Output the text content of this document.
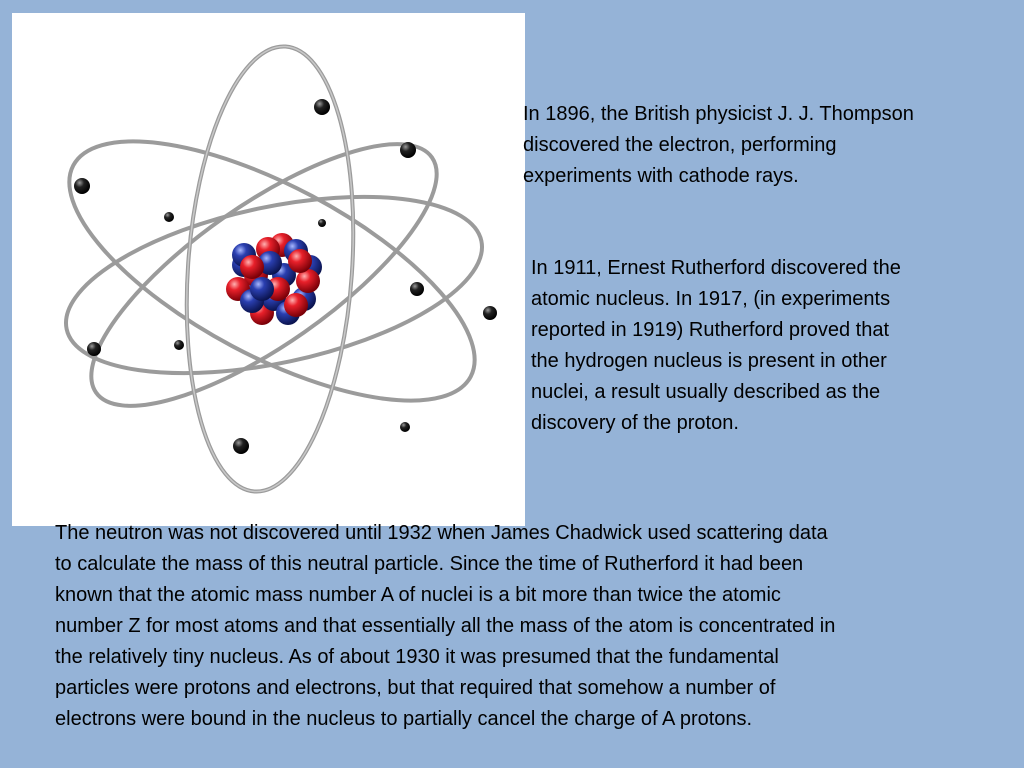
In 1896, the British physicist J. J. Thompson
discovered the electron, performing
experiments with cathode rays.

In 1911, Ernest Rutherford discovered the
atomic nucleus. In 1917, (in experiments
reported in 1919) Rutherford proved that
the hydrogen nucleus is present in other
nuclei, a result usually described as the
discovery of the proton.

The neutron was not discovered until 1932 when James Chadwick used scattering data
to calculate the mass of this neutral particle. Since the time of Rutherford it had been
known that the atomic mass number A of nuclei is a bit more than twice the atomic
number Z for most atoms and that essentially all the mass of the atom is concentrated in
the relatively tiny nucleus. As of about 1930 it was presumed that the fundamental
particles were protons and electrons, but that required that somehow a number of
electrons were bound in the nucleus to partially cancel the charge of A protons.
